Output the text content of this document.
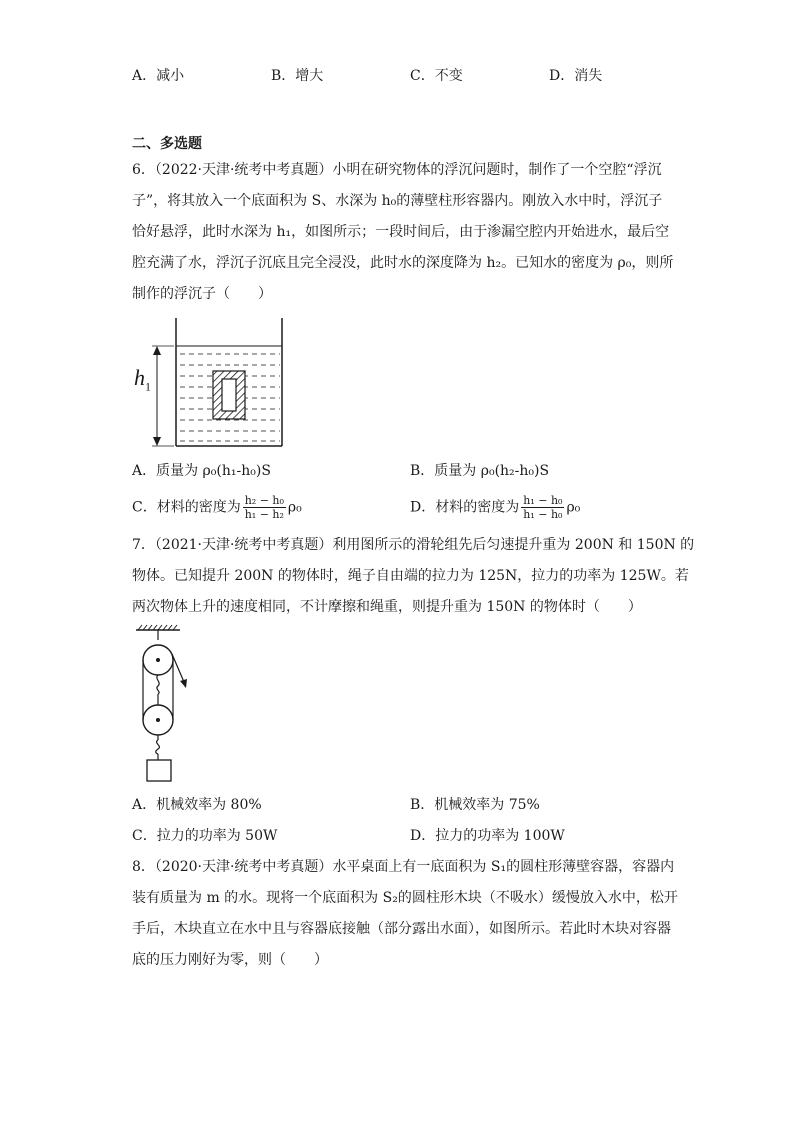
A．减小	B．增大	C．不变	D．消失
二、多选题
6．（2022·天津·统考中考真题）小明在研究物体的浮沉问题时，制作了一个空腔“浮沉
子”，将其放入一个底面积为 S、水深为 h₀的薄壁柱形容器内。刚放入水中时，浮沉子
恰好悬浮，此时水深为 h₁，如图所示；一段时间后，由于渗漏空腔内开始进水，最后空
腔充满了水，浮沉子沉底且完全浸没，此时水的深度降为 h₂。已知水的密度为 ρ₀，则所
制作的浮沉子（　　）
$h_1$
A．质量为 ρ₀(h₁-h₀)S	B．质量为 ρ₀(h₂-h₀)S
C．材料的密度为 $\frac{\text{h₂ − h₀}}{\text{h₁ − h₂}} \rho_0$	D．材料的密度为 $\frac{\text{h₁ − h₀}}{\text{h₁ − h₀}} \rho_0$
7．（2021·天津·统考中考真题）利用图所示的滑轮组先后匀速提升重为 200N 和 150N 的
物体。已知提升 200N 的物体时，绳子自由端的拉力为 125N，拉力的功率为 125W。若
两次物体上升的速度相同，不计摩擦和绳重，则提升重为 150N 的物体时（　　）
A．机械效率为 80%	B．机械效率为 75%
C．拉力的功率为 50W	D．拉力的功率为 100W
8．（2020·天津·统考中考真题）水平桌面上有一底面积为 S₁的圆柱形薄壁容器，容器内
装有质量为 m 的水。现将一个底面积为 S₂的圆柱形木块（不吸水）缓慢放入水中，松开
手后，木块直立在水中且与容器底接触（部分露出水面），如图所示。若此时木块对容器
底的压力刚好为零，则（　　）
